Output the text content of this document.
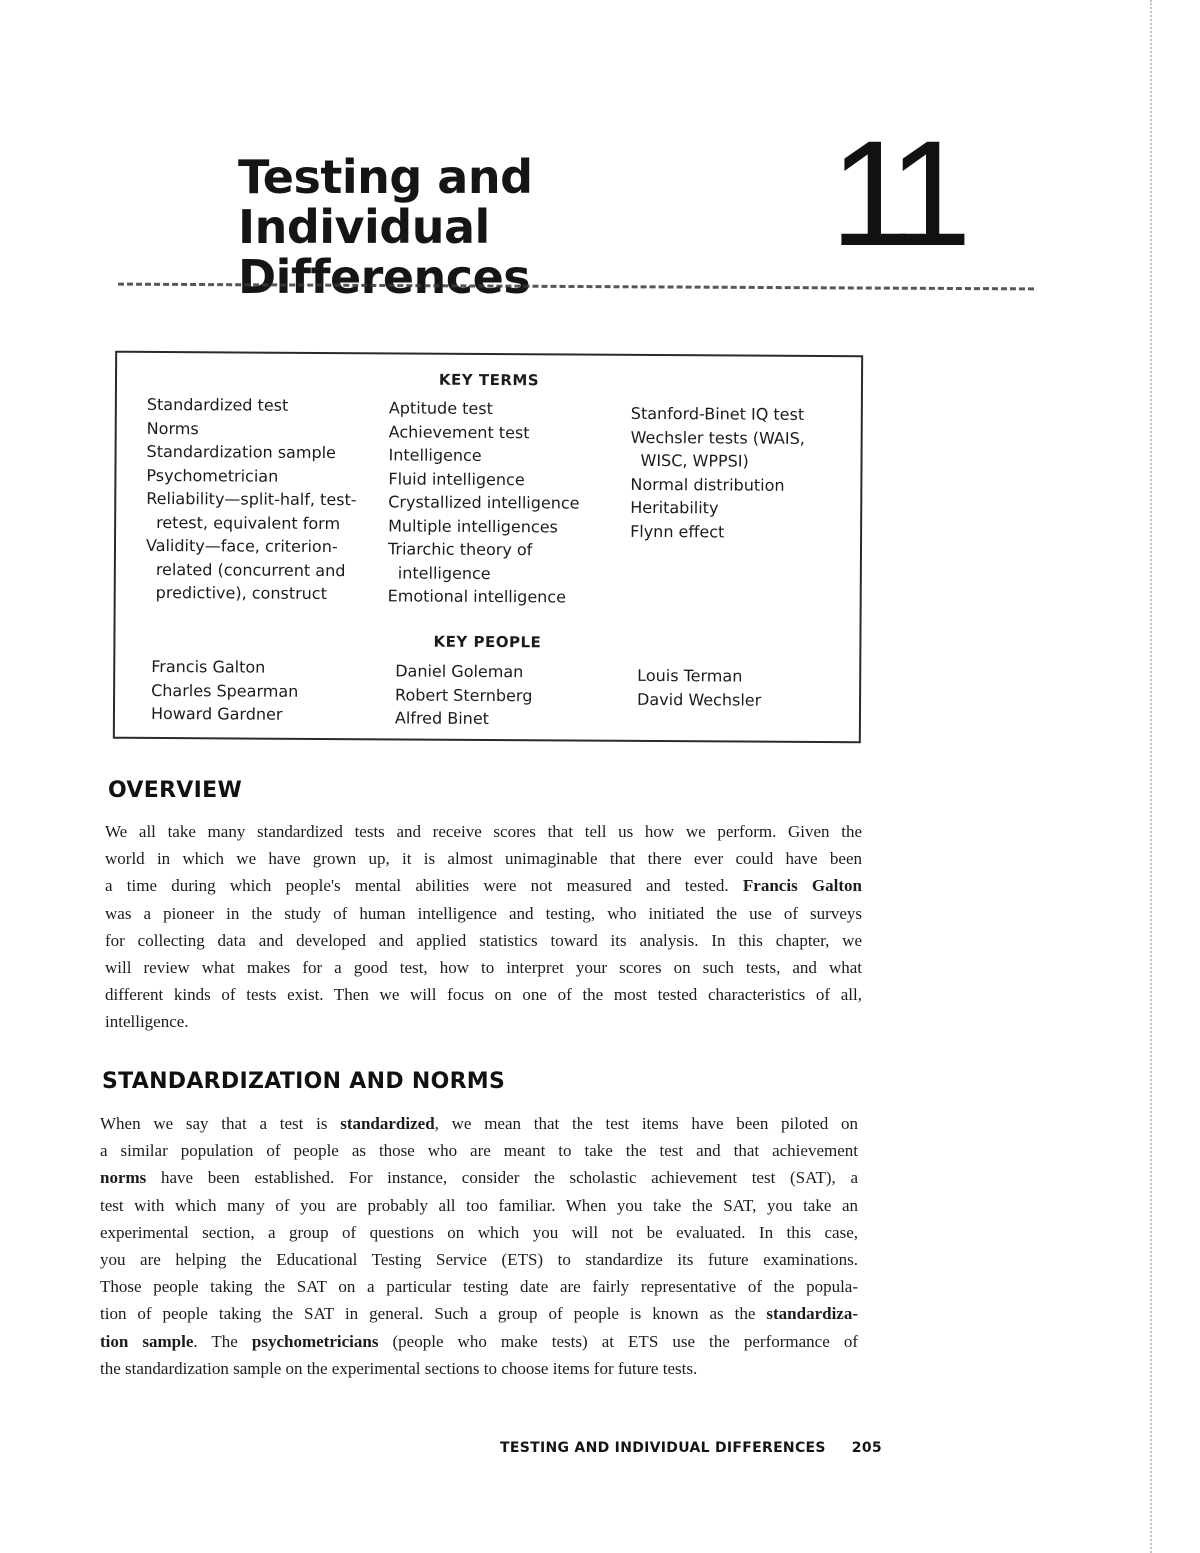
Testing and Individual
Differences	11
KEY TERMS
Standardized test
Norms
Standardization sample
Psychometrician
Reliability—split-half, test-
retest, equivalent form
Validity—face, criterion-
related (concurrent and
predictive), construct
Aptitude test
Achievement test
Intelligence
Fluid intelligence
Crystallized intelligence
Multiple intelligences
Triarchic theory of
intelligence
Emotional intelligence
Stanford-Binet IQ test
Wechsler tests (WAIS,
WISC, WPPSI)
Normal distribution
Heritability
Flynn effect
KEY PEOPLE
Francis Galton
Charles Spearman
Howard Gardner
Daniel Goleman
Robert Sternberg
Alfred Binet
Louis Terman
David Wechsler
OVERVIEW
We all take many standardized tests and receive scores that tell us how we perform. Given the
world in which we have grown up, it is almost unimaginable that there ever could have been
a time during which people's mental abilities were not measured and tested. Francis Galton
was a pioneer in the study of human intelligence and testing, who initiated the use of surveys
for collecting data and developed and applied statistics toward its analysis. In this chapter, we
will review what makes for a good test, how to interpret your scores on such tests, and what
different kinds of tests exist. Then we will focus on one of the most tested characteristics of all,
intelligence.
STANDARDIZATION AND NORMS
When we say that a test is standardized, we mean that the test items have been piloted on
a similar population of people as those who are meant to take the test and that achievement
norms have been established. For instance, consider the scholastic achievement test (SAT), a
test with which many of you are probably all too familiar. When you take the SAT, you take an
experimental section, a group of questions on which you will not be evaluated. In this case,
you are helping the Educational Testing Service (ETS) to standardize its future examinations.
Those people taking the SAT on a particular testing date are fairly representative of the popula-
tion of people taking the SAT in general. Such a group of people is known as the standardiza-
tion sample. The psychometricians (people who make tests) at ETS use the performance of
the standardization sample on the experimental sections to choose items for future tests.
TESTING AND INDIVIDUAL DIFFERENCES 205
